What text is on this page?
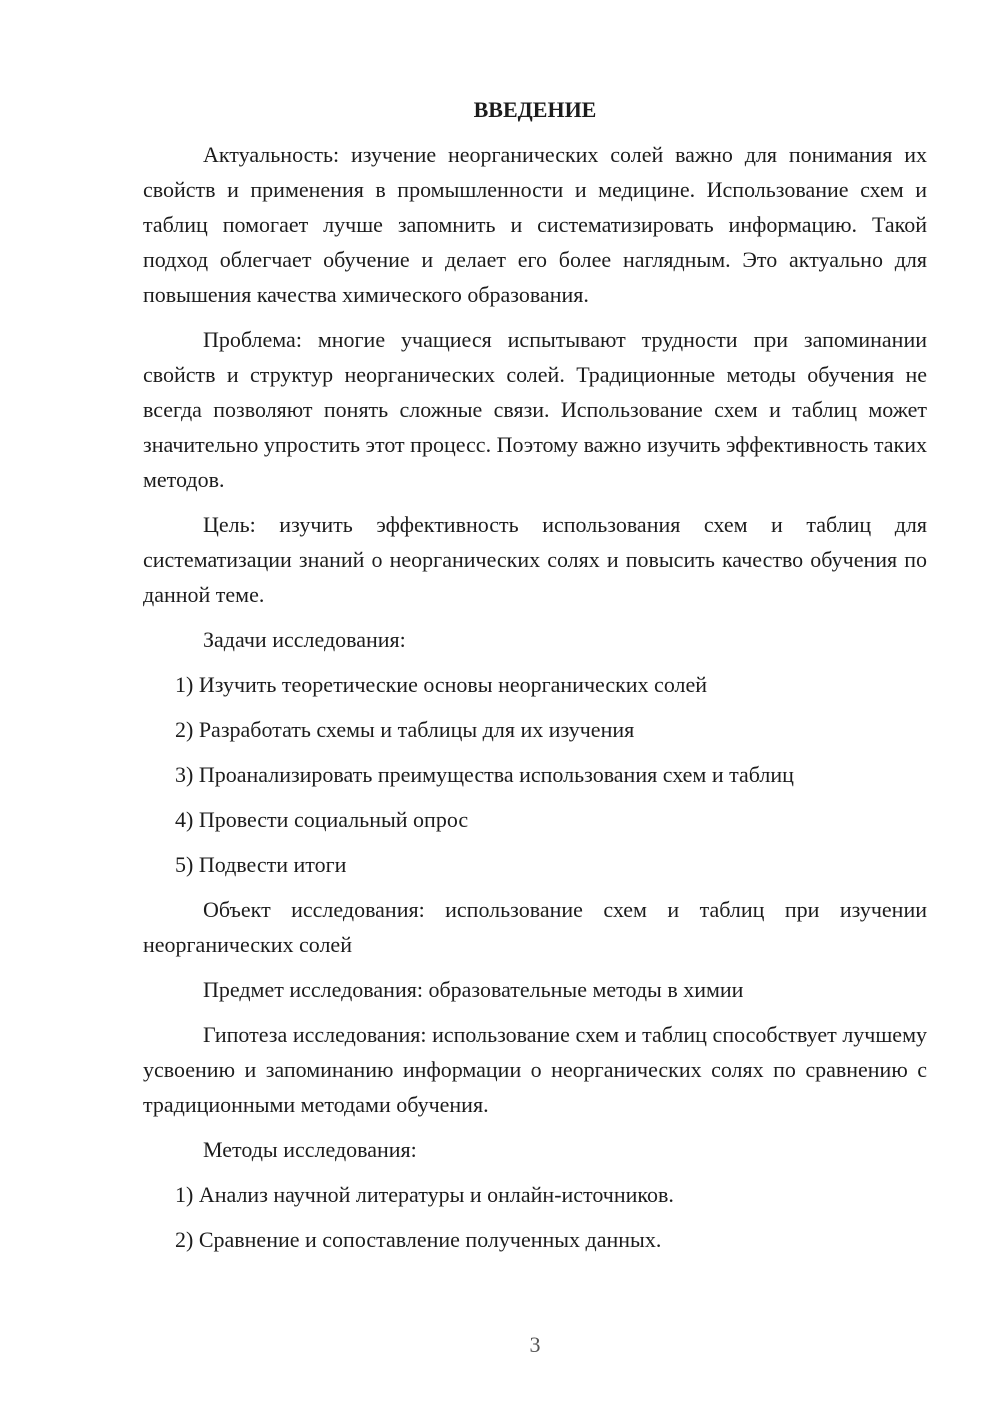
ВВЕДЕНИЕ

Актуальность: изучение неорганических солей важно для понимания их свойств и применения в промышленности и медицине. Использование схем и таблиц помогает лучше запомнить и систематизировать информацию. Такой подход облегчает обучение и делает его более наглядным. Это актуально для повышения качества химического образования.

Проблема: многие учащиеся испытывают трудности при запоминании свойств и структур неорганических солей. Традиционные методы обучения не всегда позволяют понять сложные связи. Использование схем и таблиц может значительно упростить этот процесс. Поэтому важно изучить эффективность таких методов.

Цель: изучить эффективность использования схем и таблиц для систематизации знаний о неорганических солях и повысить качество обучения по данной теме.

Задачи исследования:

1) Изучить теоретические основы неорганических солей
2) Разработать схемы и таблицы для их изучения
3) Проанализировать преимущества использования схем и таблиц
4) Провести социальный опрос
5) Подвести итоги

Объект исследования: использование схем и таблиц при изучении неорганических солей

Предмет исследования: образовательные методы в химии

Гипотеза исследования: использование схем и таблиц способствует лучшему усвоению и запоминанию информации о неорганических солях по сравнению с традиционными методами обучения.

Методы исследования:

1) Анализ научной литературы и онлайн-источников.
2) Сравнение и сопоставление полученных данных.
3
